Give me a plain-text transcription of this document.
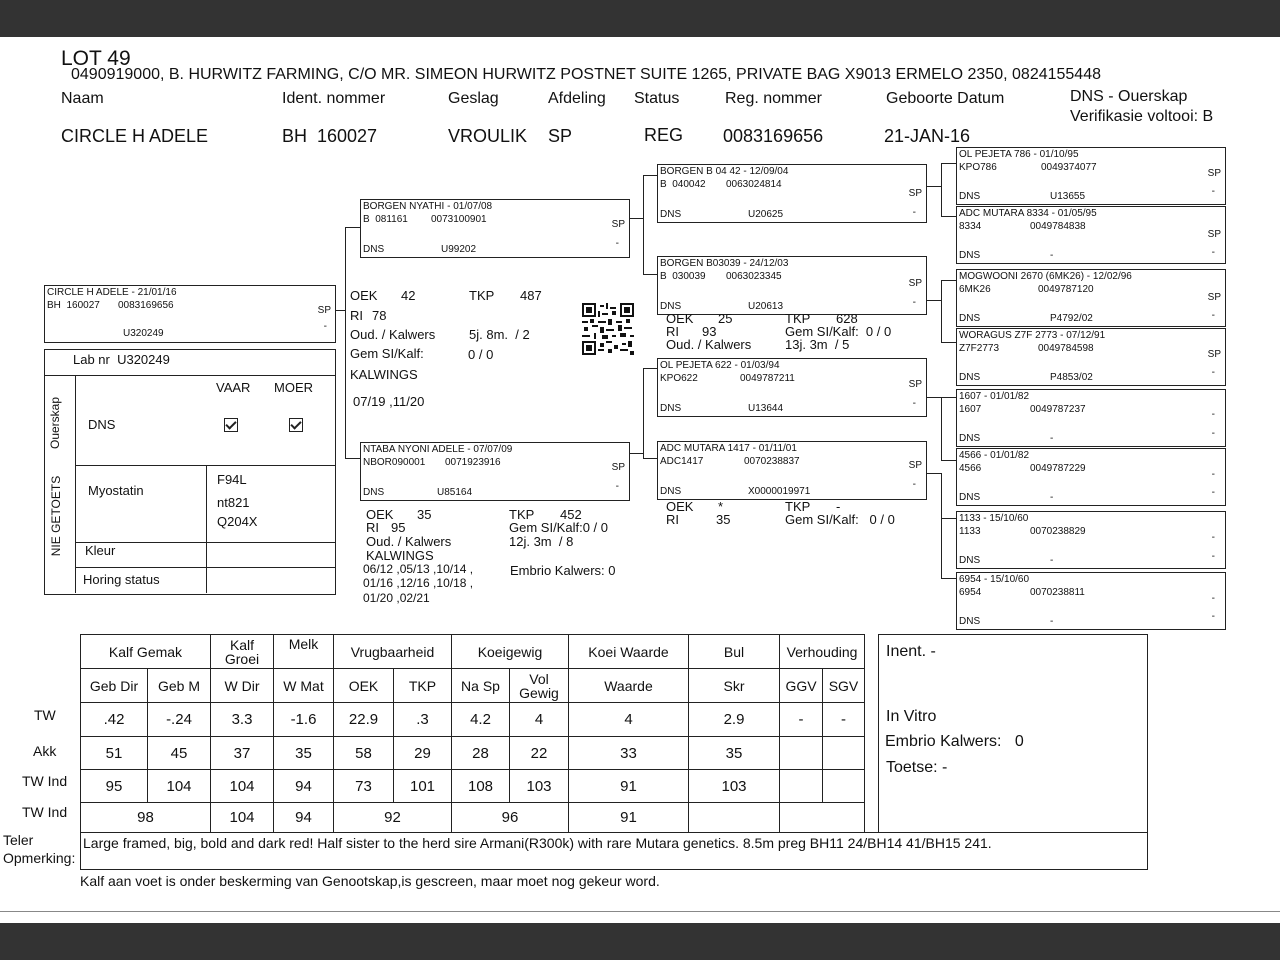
LOT 49
0490919000, B. HURWITZ FARMING, C/O MR. SIMEON HURWITZ POSTNET SUITE 1265, PRIVATE BAG X9013 ERMELO 2350, 0824155448
Naam	Ident. nommer	Geslag	Afdeling Status	Reg. nommer	Geboorte Datum	DNS - Ouerskap
Verifikasie voltooi: B
CIRCLE H ADELE	BH  160027	VROULIK SP	REG 0083169656	21-JAN-16
CIRCLE H ADELE - 21/01/16
BH  160027 0083169656	SP
-
U320249
Lab nr  U320249
VAAR MOER
Ouerskap
NIE GETOETS
DNS
Myostatin
F94L
nt821
Q204X
Kleur
Horing status
BORGEN NYATHI - 01/07/08
B  081161 0073100901	SP
-
DNS	U99202
OEK 42	TKP 487
RI 78
Oud. / Kalwers	5j. 8m.  / 2
Gem SI/Kalf:	0 / 0
KALWINGS
07/19 ,11/20
NTABA NYONI ADELE - 07/07/09
NBOR090001 0071923916	SP
-
DNS	U85164
OEK 35	TKP 452
RI 95	Gem SI/Kalf:0 / 0
Oud. / Kalwers	12j. 3m  / 8
KALWINGS
06/12 ,05/13 ,10/14 ,
01/16 ,12/16 ,10/18 ,
01/20 ,02/21
Embrio Kalwers: 0
BORGEN B 04 42 - 12/09/04
B  040042 0063024814
SP
-
DNS	U20625
BORGEN B03039 - 24/12/03
B  030039 0063023345
SP
-
DNS	U20613
OL PEJETA 622 - 01/03/94
KPO622	0049787211
SP
-
DNS	U13644
ADC MUTARA 1417 - 01/11/01
ADC1417	0070238837	SP
-
DNS	X0000019971
OEK 25	TKP 628
RI 93	Gem SI/Kalf:  0 / 0
Oud. / Kalwers	13j. 3m  / 5
OEK *	TKP -
RI	35	Gem SI/Kalf:   0 / 0
OL PEJETA 786 - 01/10/95
KPO786	0049374077
SP
-
DNS	U13655
ADC MUTARA 8334 - 01/05/95
8334	0049784838
SP
-
DNS	-
MOGWOONI 2670 (6MK26) - 12/02/96
6MK26	0049787120
SP
-
DNS	P4792/02
WORAGUS Z7F 2773 - 07/12/91
Z7F2773	0049784598
SP
-
DNS	P4853/02
1607 - 01/01/82
1607	0049787237	-
-
DNS	-
4566 - 01/01/82
4566	0049787229
-
-
DNS	-
1133 - 15/10/60
1133	0070238829
-
-
DNS	-
6954 - 15/10/60
6954	0070238811
-
-
DNS	-
TW
Akk
TW Ind
TW Ind
Kalf Gemak		Kalf Groei	Melk	Vrugbaarheid		Koeigewig		Koei Waarde	Bul	Verhouding	
Geb Dir	Geb M	W Dir	W Mat	OEK	TKP	Na Sp	Vol Gewig	Waarde	Skr	GGV	SGV
.42	-.24	3.3	-1.6	22.9	.3	4.2	4	4	2.9	-	-
51	45	37	35	58	29	28	22	33	35		
95	104	104	94	73	101	108	103	91	103		
98		104	94	92		96		91			
Inent. -
In Vitro
Embrio Kalwers:   0
Toetse: -
Teler
Opmerking:
Large framed, big, bold and dark red! Half sister to the herd sire Armani(R300k) with rare Mutara genetics. 8.5m preg BH11 24/BH14 41/BH15 241.
Kalf aan voet is onder beskerming van Genootskap,is gescreen, maar moet nog gekeur word.
